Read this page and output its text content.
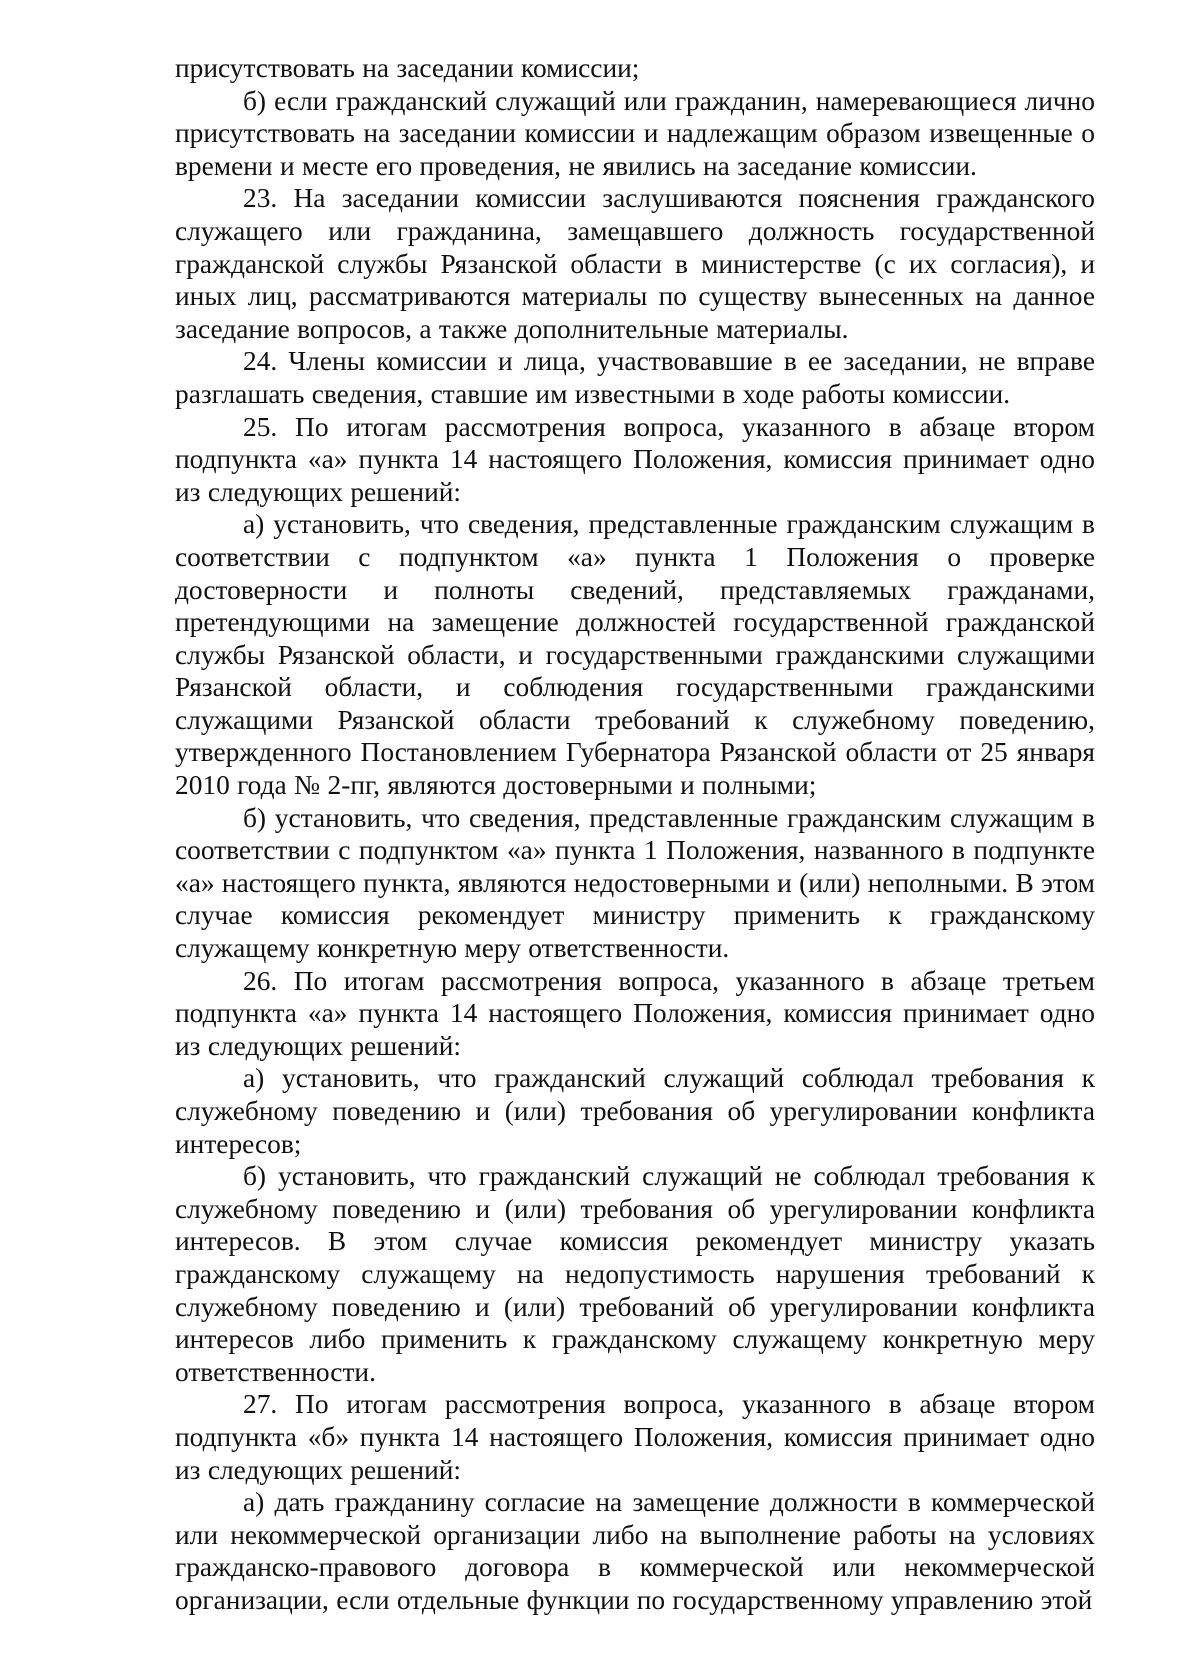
присутствовать на заседании комиссии;

б) если гражданский служащий или гражданин, намеревающиеся лично присутствовать на заседании комиссии и надлежащим образом извещенные о времени и месте его проведения, не явились на заседание комиссии.

23. На заседании комиссии заслушиваются пояснения гражданского служащего или гражданина, замещавшего должность государственной гражданской службы Рязанской области в министерстве (с их согласия), и иных лиц, рассматриваются материалы по существу вынесенных на данное заседание вопросов, а также дополнительные материалы.

24. Члены комиссии и лица, участвовавшие в ее заседании, не вправе разглашать сведения, ставшие им известными в ходе работы комиссии.

25. По итогам рассмотрения вопроса, указанного в абзаце втором подпункта «а» пункта 14 настоящего Положения, комиссия принимает одно из следующих решений:

а) установить, что сведения, представленные гражданским служащим в соответствии с подпунктом «а» пункта 1 Положения о проверке достоверности и полноты сведений, представляемых гражданами, претендующими на замещение должностей государственной гражданской службы Рязанской области, и государственными гражданскими служащими Рязанской области, и соблюдения государственными гражданскими служащими Рязанской области требований к служебному поведению, утвержденного Постановлением Губернатора Рязанской области от 25 января 2010 года № 2-пг, являются достоверными и полными;

б) установить, что сведения, представленные гражданским служащим в соответствии с подпунктом «а» пункта 1 Положения, названного в подпункте «а» настоящего пункта, являются недостоверными и (или) неполными. В этом случае комиссия рекомендует министру применить к гражданскому служащему конкретную меру ответственности.

26. По итогам рассмотрения вопроса, указанного в абзаце третьем подпункта «а» пункта 14 настоящего Положения, комиссия принимает одно из следующих решений:

а) установить, что гражданский служащий соблюдал требования к служебному поведению и (или) требования об урегулировании конфликта интересов;

б) установить, что гражданский служащий не соблюдал требования к служебному поведению и (или) требования об урегулировании конфликта интересов. В этом случае комиссия рекомендует министру указать гражданскому служащему на недопустимость нарушения требований к служебному поведению и (или) требований об урегулировании конфликта интересов либо применить к гражданскому служащему конкретную меру ответственности.

27. По итогам рассмотрения вопроса, указанного в абзаце втором подпункта «б» пункта 14 настоящего Положения, комиссия принимает одно из следующих решений:

а) дать гражданину согласие на замещение должности в коммерческой или некоммерческой организации либо на выполнение работы на условиях гражданско-правового договора в коммерческой или некоммерческой организации, если отдельные функции по государственному управлению этой
